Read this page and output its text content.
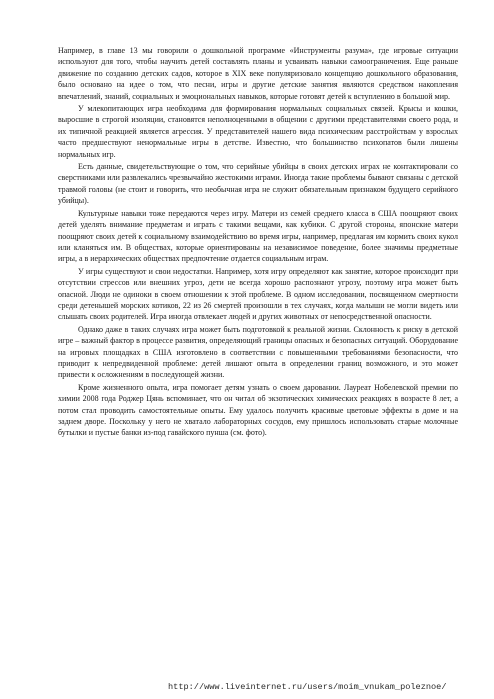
Например, в главе 13 мы говорили о дошкольной программе «Инструменты разума», где игровые ситуации используют для того, чтобы научить детей составлять планы и усваивать навыки самоограничения. Еще раньше движение по созданию детских садов, которое в XIX веке популяризовало концепцию дошкольного образования, было основано на идее о том, что песни, игры и другие детские занятия являются средством накопления впечатлений, знаний, социальных и эмоциональных навыков, которые готовят детей к вступлению в большой мир.

У млекопитающих игра необходима для формирования нормальных социальных связей. Крысы и кошки, выросшие в строгой изоляции, становятся неполноценными в общении с другими представителями своего рода, и их типичной реакцией является агрессия. У представителей нашего вида психическим расстройствам у взрослых часто предшествуют ненормальные игры в детстве. Известно, что большинство психопатов были лишены нормальных игр.

Есть данные, свидетельствующие о том, что серийные убийцы в своих детских играх не контактировали со сверстниками или развлекались чрезвычайно жестокими играми. Иногда такие проблемы бывают связаны с детской травмой головы (не стоит и говорить, что необычная игра не служит обязательным признаком будущего серийного убийцы).

Культурные навыки тоже передаются через игру. Матери из семей среднего класса в США поощряют своих детей уделять внимание предметам и играть с такими вещами, как кубики. С другой стороны, японские матери поощряют своих детей к социальному взаимодействию во время игры, например, предлагая им кормить своих кукол или кланяться им. В обществах, которые ориентированы на независимое поведение, более значимы предметные игры, а в иерархических обществах предпочтение отдается социальным играм.

У игры существуют и свои недостатки. Например, хотя игру определяют как занятие, которое происходит при отсутствии стрессов или внешних угроз, дети не всегда хорошо распознают угрозу, поэтому игра может быть опасной. Люди не одиноки в своем отношении к этой проблеме. В одном исследовании, посвященном смертности среди детенышей морских котиков, 22 из 26 смертей произошли в тех случаях, когда малыши не могли видеть или слышать своих родителей. Игра иногда отвлекает людей и других животных от непосредственной опасности.

Однако даже в таких случаях игра может быть подготовкой к реальной жизни. Склонность к риску в детской игре – важный фактор в процессе развития, определяющий границы опасных и безопасных ситуаций. Оборудование на игровых площадках в США изготовлено в соответствии с повышенными требованиями безопасности, что приводит к непредвиденной проблеме: детей лишают опыта в определении границ возможного, и это может привести к осложнениям в последующей жизни.

Кроме жизненного опыта, игра помогает детям узнать о своем даровании. Лауреат Нобелевской премии по химии 2008 года Роджер Цянь вспоминает, что он читал об экзотических химических реакциях в возрасте 8 лет, а потом стал проводить самостоятельные опыты. Ему удалось получить красивые цветовые эффекты в доме и на заднем дворе. Поскольку у него не хватало лабораторных сосудов, ему пришлось использовать старые молочные бутылки и пустые банки из-под гавайского пунша (см. фото).

http://www.liveinternet.ru/users/moim_vnukam_poleznoe/
